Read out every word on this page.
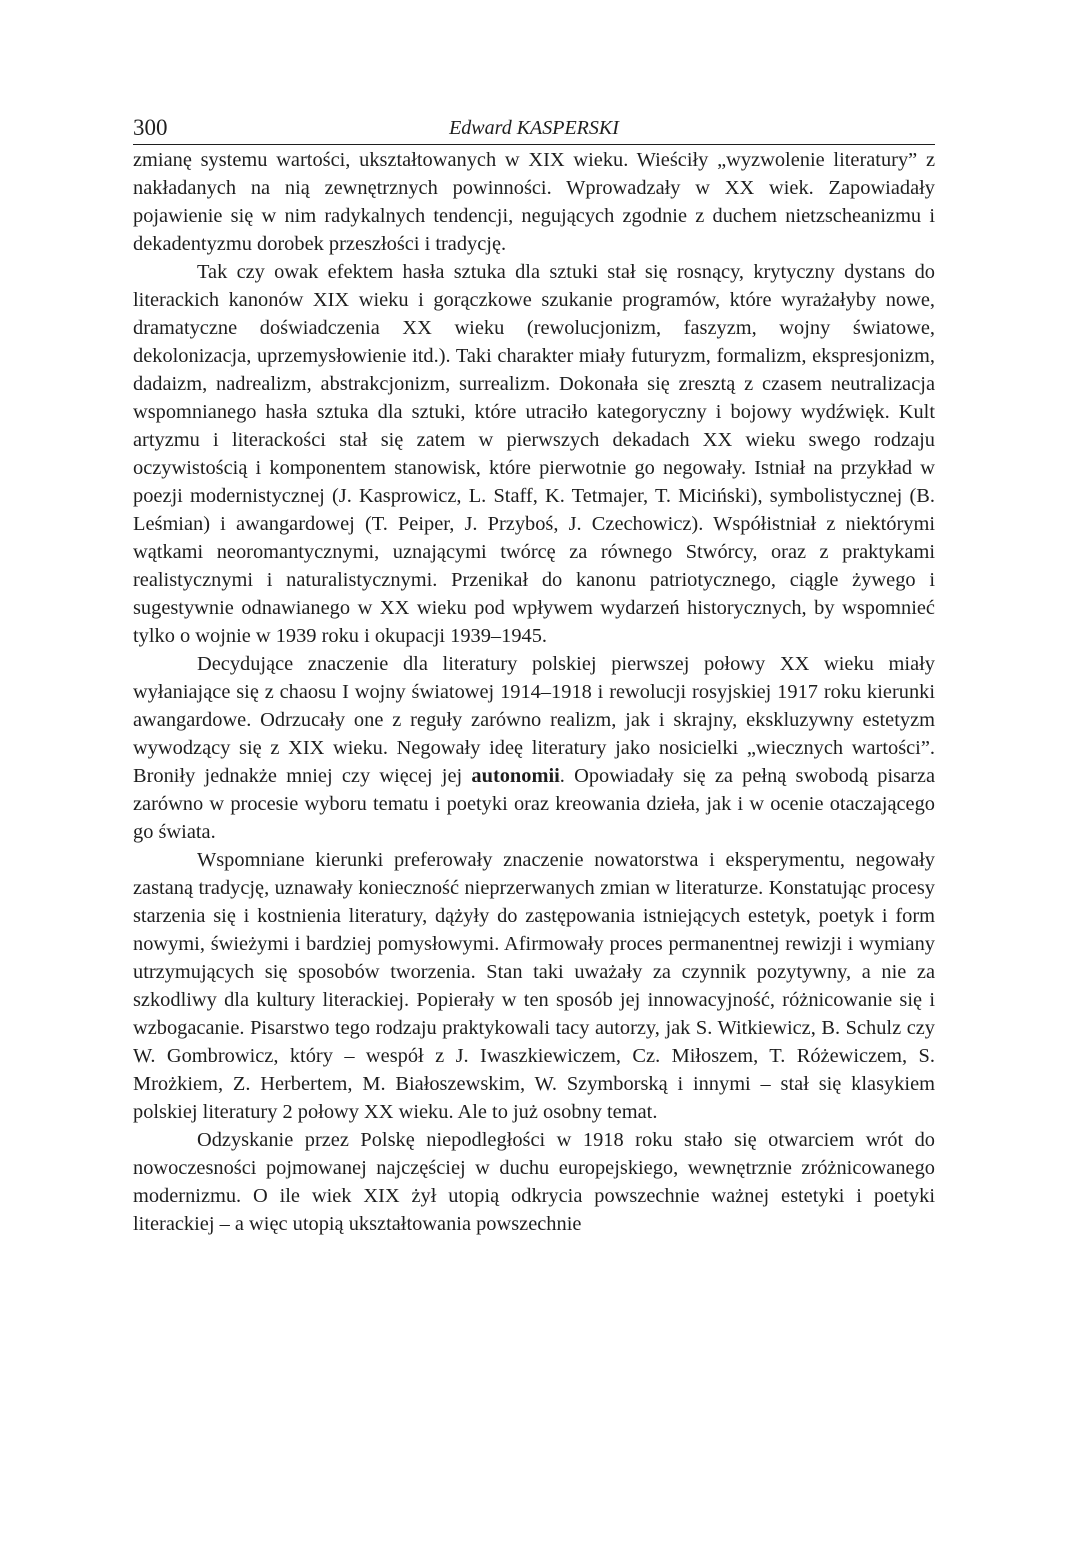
300	Edward KASPERSKI

zmianę systemu wartości, ukształtowanych w XIX wieku. Wieściły „wyzwolenie literatury” z nakładanych na nią zewnętrznych powinności. Wprowadzały w XX wiek. Zapowiadały pojawienie się w nim radykalnych tendencji, negujących zgodnie z duchem nietzscheanizmu i dekadentyzmu dorobek przeszłości i tradycję.

Tak czy owak efektem hasła sztuka dla sztuki stał się rosnący, krytyczny dystans do literackich kanonów XIX wieku i gorączkowe szukanie programów, które wyrażałyby nowe, dramatyczne doświadczenia XX wieku (rewolucjonizm, faszyzm, wojny światowe, dekolonizacja, uprzemysłowienie itd.). Taki charakter miały futuryzm, formalizm, ekspresjonizm, dadaizm, nadrealizm, abstrakcjonizm, surrealizm. Dokonała się zresztą z czasem neutralizacja wspomnianego hasła sztuka dla sztuki, które utraciło kategoryczny i bojowy wydźwięk. Kult artyzmu i literackości stał się zatem w pierwszych dekadach XX wieku swego rodzaju oczywistością i komponentem stanowisk, które pierwotnie go negowały. Istniał na przykład w poezji modernistycznej (J. Kasprowicz, L. Staff, K. Tetmajer, T. Miciński), symbolistycznej (B. Leśmian) i awangardowej (T. Peiper, J. Przyboś, J. Czechowicz). Współistniał z niektórymi wątkami neoromantycznymi, uznającymi twórcę za równego Stwórcy, oraz z praktykami realistycznymi i naturalistycznymi. Przenikał do kanonu patriotycznego, ciągle żywego i sugestywnie odnawianego w XX wieku pod wpływem wydarzeń historycznych, by wspomnieć tylko o wojnie w 1939 roku i okupacji 1939–1945.

Decydujące znaczenie dla literatury polskiej pierwszej połowy XX wieku miały wyłaniające się z chaosu I wojny światowej 1914–1918 i rewolucji rosyjskiej 1917 roku kierunki awangardowe. Odrzucały one z reguły zarówno realizm, jak i skrajny, ekskluzywny estetyzm wywodzący się z XIX wieku. Negowały ideę literatury jako nosicielki „wiecznych wartości”. Broniły jednakże mniej czy więcej jej autonomii. Opowiadały się za pełną swobodą pisarza zarówno w procesie wyboru tematu i poetyki oraz kreowania dzieła, jak i w ocenie otaczającego go świata.

Wspomniane kierunki preferowały znaczenie nowatorstwa i eksperymentu, negowały zastaną tradycję, uznawały konieczność nieprzerwanych zmian w literaturze. Konstatując procesy starzenia się i kostnienia literatury, dążyły do zastępowania istniejących estetyk, poetyk i form nowymi, świeżymi i bardziej pomysłowymi. Afirmowały proces permanentnej rewizji i wymiany utrzymujących się sposobów tworzenia. Stan taki uważały za czynnik pozytywny, a nie za szkodliwy dla kultury literackiej. Popierały w ten sposób jej innowacyjność, różnicowanie się i wzbogacanie. Pisarstwo tego rodzaju praktykowali tacy autorzy, jak S. Witkiewicz, B. Schulz czy W. Gombrowicz, który – wespół z J. Iwaszkiewiczem, Cz. Miłoszem, T. Różewiczem, S. Mrożkiem, Z. Herbertem, M. Białoszewskim, W. Szymborską i innymi – stał się klasykiem polskiej literatury 2 połowy XX wieku. Ale to już osobny temat.

Odzyskanie przez Polskę niepodległości w 1918 roku stało się otwarciem wrót do nowoczesności pojmowanej najczęściej w duchu europejskiego, wewnętrznie zróżnicowanego modernizmu. O ile wiek XIX żył utopią odkrycia powszechnie ważnej estetyki i poetyki literackiej – a więc utopią ukształtowania powszechnie
